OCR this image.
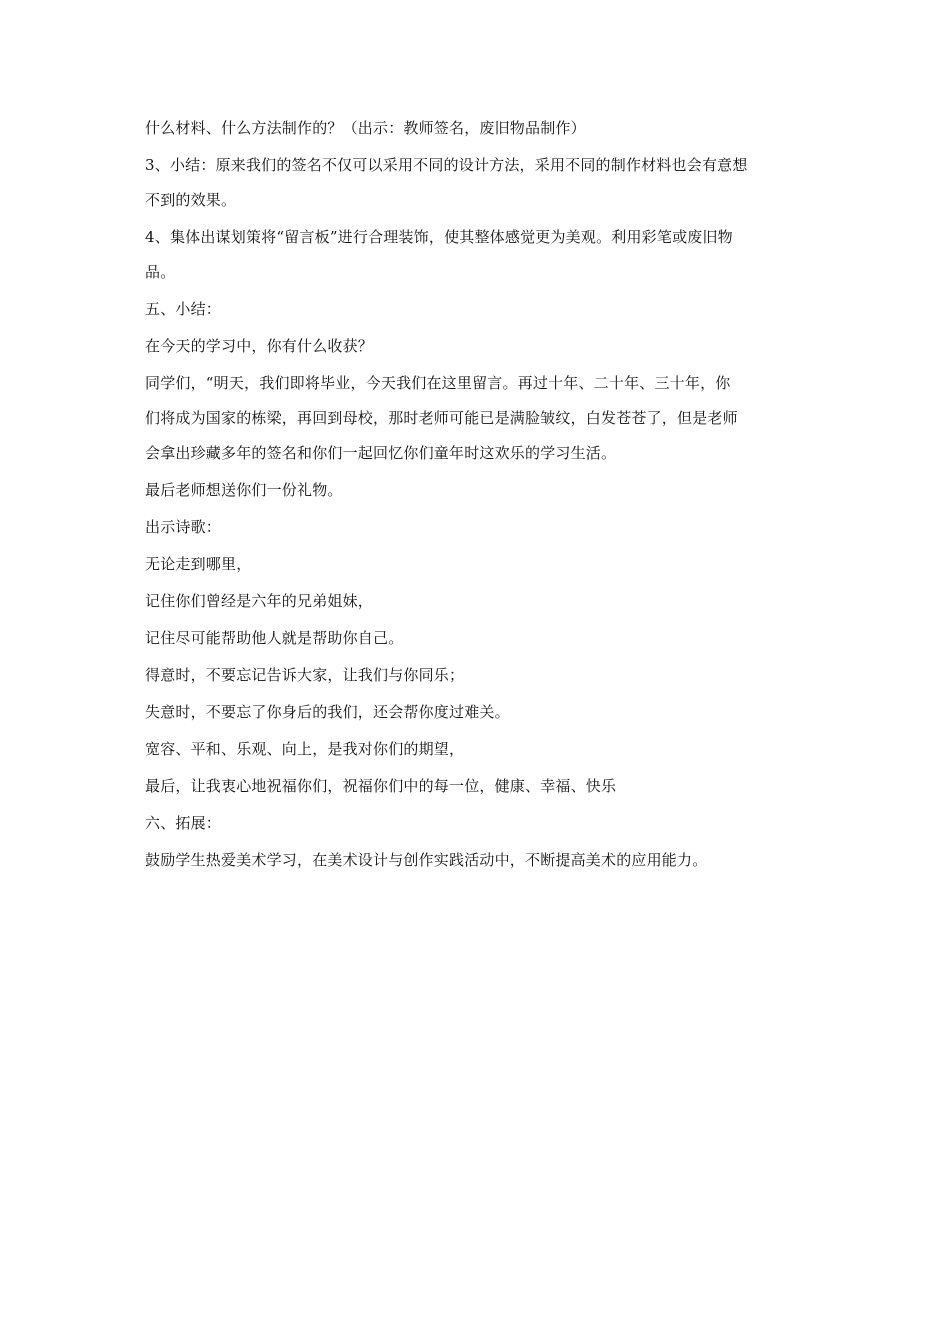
什么材料、什么方法制作的？（出示：教师签名，废旧物品制作）
3、小结：原来我们的签名不仅可以采用不同的设计方法，采用不同的制作材料也会有意想
不到的效果。
4、集体出谋划策将“留言板”进行合理装饰，使其整体感觉更为美观。利用彩笔或废旧物
品。
五、小结：
在今天的学习中，你有什么收获？
同学们，“明天，我们即将毕业，今天我们在这里留言。再过十年、二十年、三十年，你
们将成为国家的栋梁，再回到母校，那时老师可能已是满脸皱纹，白发苍苍了，但是老师
会拿出珍藏多年的签名和你们一起回忆你们童年时这欢乐的学习生活。
最后老师想送你们一份礼物。
出示诗歌：
无论走到哪里，
记住你们曾经是六年的兄弟姐妹，
记住尽可能帮助他人就是帮助你自己。
得意时，不要忘记告诉大家，让我们与你同乐；
失意时，不要忘了你身后的我们，还会帮你度过难关。
宽容、平和、乐观、向上，是我对你们的期望，
最后，让我衷心地祝福你们，祝福你们中的每一位，健康、幸福、快乐
六、拓展：
鼓励学生热爱美术学习，在美术设计与创作实践活动中，不断提高美术的应用能力。
